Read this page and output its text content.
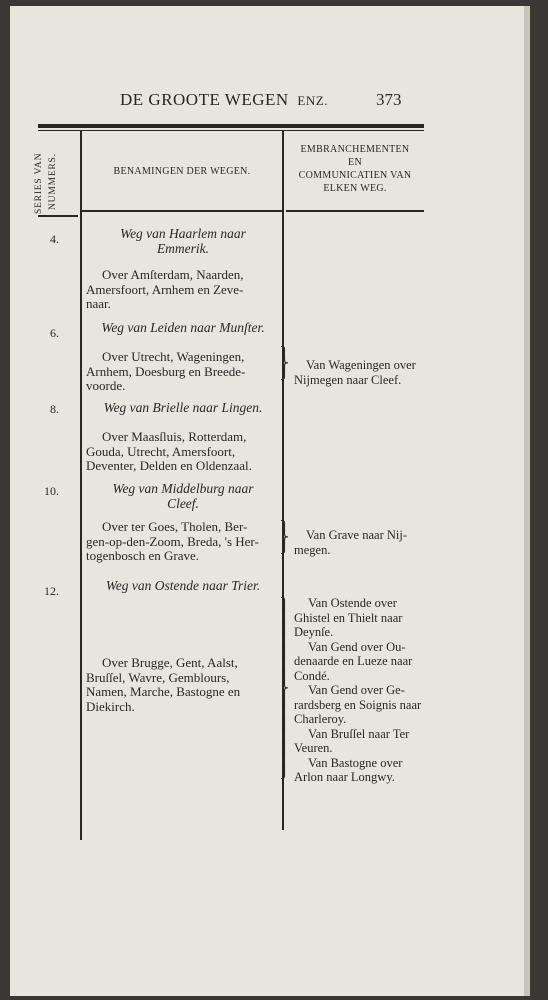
DE GROOTE WEGEN ENZ.	373
SERIES VAN NUMMERS.	BENAMINGEN DER WEGEN.
EMBRANCHEMENTEN
EN
COMMUNICATIEN VAN
ELKEN WEG.
4.	Weg van Haarlem naar
Emmerik.
Over Amſterdam, Naarden,
Amersfoort, Arnhem en Zeve-
naar.
6.	Weg van Leiden naar Munſter.
Over Utrecht, Wageningen,
Arnhem, Doesburg en Breede-
voorde.
⎫
⎬
⎭
Van Wageningen over
Nijmegen naar Cleef.
8.	Weg van Brielle naar Lingen.
Over Maasſluis, Rotterdam,
Gouda, Utrecht, Amersfoort,
Deventer, Delden en Oldenzaal.
10.	Weg van Middelburg naar
Cleef.
Over ter Goes, Tholen, Ber-
gen-op-den-Zoom, Breda, 's Her-
togenbosch en Grave.
⎫
⎬
⎭
Van Grave naar Nij-
megen.
12.	Weg van Ostende naar Trier.
Over Brugge, Gent, Aalst,
Bruſſel, Wavre, Gemblours,
Namen, Marche, Bastogne en
Diekirch.
⎫
⎪
⎪
⎪
⎪
⎪
⎪
⎬
⎪
⎪
⎪
⎪
⎪
⎪
⎭
Van Ostende over
Ghistel en Thielt naar
Deynſe.
Van Gend over Ou-
denaarde en Lueze naar
Condé.
Van Gend over Ge-
rardsberg en Soignis naar
Charleroy.
Van Bruſſel naar Ter
Veuren.
Van Bastogne over
Arlon naar Longwy.
